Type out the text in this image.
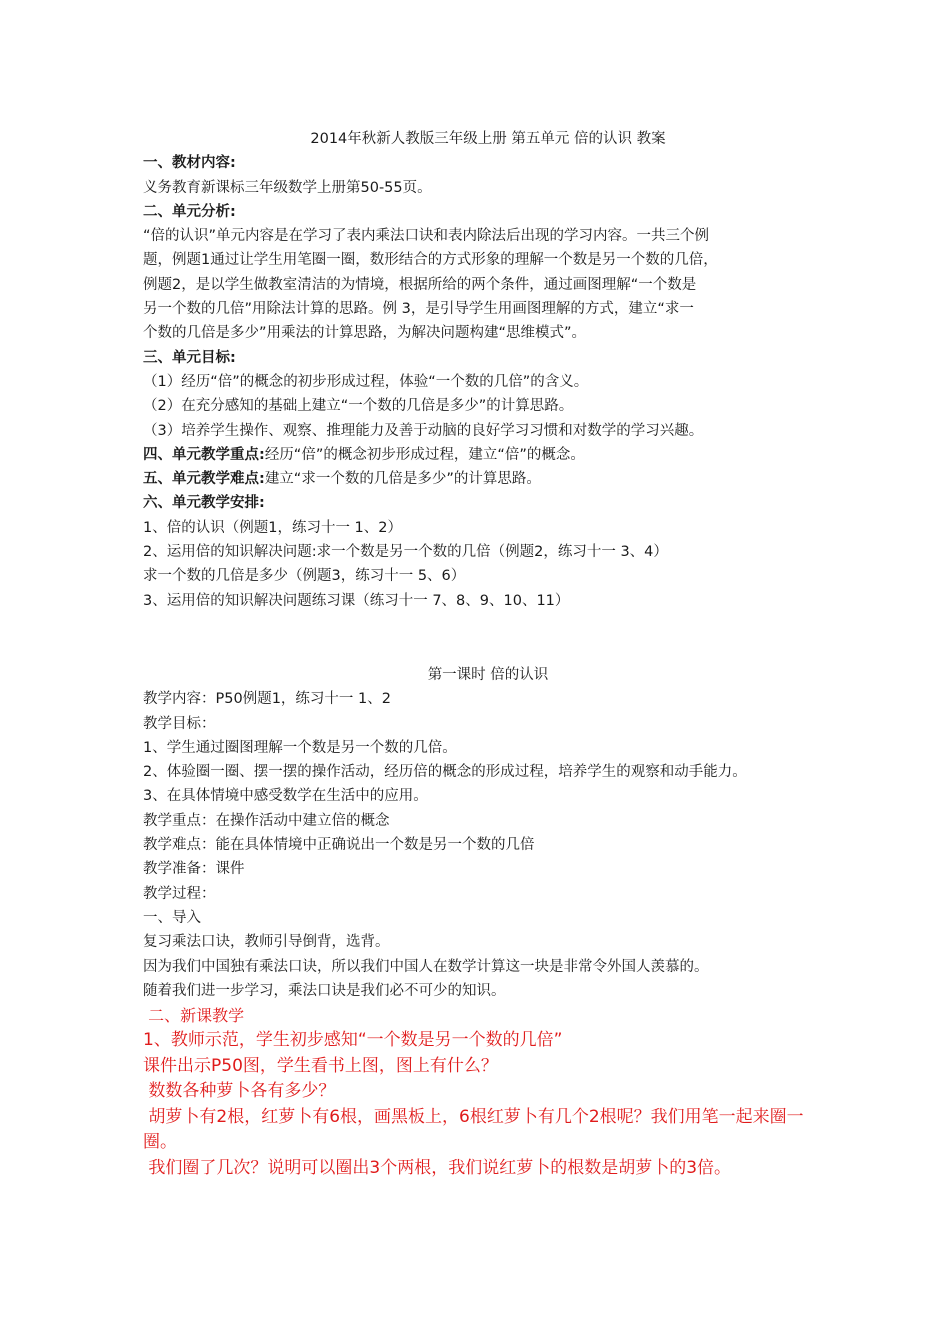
2014年秋新人教版三年级上册 第五单元 倍的认识 教案

一、教材内容:

义务教育新课标三年级数学上册第50-55页。

二、单元分析:

“倍的认识”单元内容是在学习了表内乘法口诀和表内除法后出现的学习内容。一共三个例

题，例题1通过让学生用笔圈一圈，数形结合的方式形象的理解一个数是另一个数的几倍，

例题2，是以学生做教室清洁的为情境，根据所给的两个条件，通过画图理解“一个数是

另一个数的几倍”用除法计算的思路。例 3，是引导学生用画图理解的方式，建立“求一

个数的几倍是多少”用乘法的计算思路，为解决问题构建“思维模式”。

三、单元目标:

（1）经历“倍”的概念的初步形成过程，体验“一个数的几倍”的含义。

（2）在充分感知的基础上建立“一个数的几倍是多少”的计算思路。

（3）培养学生操作、观察、推理能力及善于动脑的良好学习习惯和对数学的学习兴趣。

四、单元教学重点:经历“倍”的概念初步形成过程，建立“倍”的概念。

五、单元教学难点:建立“求一个数的几倍是多少”的计算思路。

六、单元教学安排:

1、倍的认识（例题1，练习十一 1、2）

2、运用倍的知识解决问题:求一个数是另一个数的几倍（例题2，练习十一 3、4）

求一个数的几倍是多少（例题3，练习十一 5、6）

3、运用倍的知识解决问题练习课（练习十一 7、8、9、10、11）

第一课时 倍的认识

教学内容：P50例题1，练习十一 1、2

教学目标：

1、学生通过圈图理解一个数是另一个数的几倍。

2、体验圈一圈、摆一摆的操作活动，经历倍的概念的形成过程，培养学生的观察和动手能力。

3、在具体情境中感受数学在生活中的应用。

教学重点：在操作活动中建立倍的概念

教学难点：能在具体情境中正确说出一个数是另一个数的几倍

教学准备：课件

教学过程：

一、导入

复习乘法口诀，教师引导倒背，选背。

因为我们中国独有乘法口诀，所以我们中国人在数学计算这一块是非常令外国人羡慕的。

随着我们进一步学习，乘法口诀是我们必不可少的知识。

二、新课教学

1、教师示范，学生初步感知“一个数是另一个数的几倍”

课件出示P50图，学生看书上图，图上有什么？

数数各种萝卜各有多少？

胡萝卜有2根，红萝卜有6根，画黑板上，6根红萝卜有几个2根呢？我们用笔一起来圈一圈。

我们圈了几次？说明可以圈出3个两根，我们说红萝卜的根数是胡萝卜的3倍。
